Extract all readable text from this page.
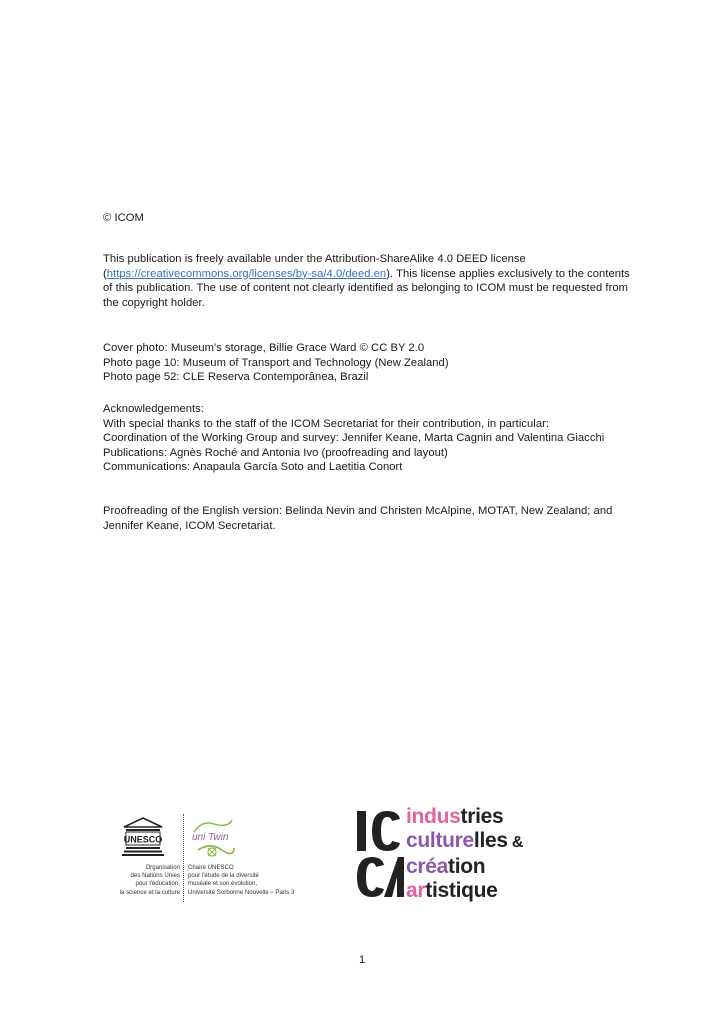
© ICOM
This publication is freely available under the Attribution-ShareAlike 4.0 DEED license (https://creativecommons.org/licenses/by-sa/4.0/deed.en). This license applies exclusively to the contents of this publication. The use of content not clearly identified as belonging to ICOM must be requested from the copyright holder.

Cover photo: Museum's storage, Billie Grace Ward © CC BY 2.0

Photo page 10: Museum of Transport and Technology (New Zealand)

Photo page 52: CLE Reserva Contemporânea, Brazil

Acknowledgements:

With special thanks to the staff of the ICOM Secretariat for their contribution, in particular:

Coordination of the Working Group and survey: Jennifer Keane, Marta Cagnin and Valentina Giacchi

Publications: Agnès Roché and Antonia Ivo (proofreading and layout)

Communications: Anapaula García Soto and Laetitia Conort

Proofreading of the English version: Belinda Nevin and Christen McAlpine, MOTAT, New Zealand; and Jennifer Keane, ICOM Secretariat.
UNESCO
Organisation
des Nations Unies
pour l'éducation,
la science et la culture
uni Twin
Chaire UNESCO
pour l'étude de la diversité
muséale et son évolution,
Université Sorbonne Nouvelle – Paris 3
industries
culturelles &
création
artistique
1
